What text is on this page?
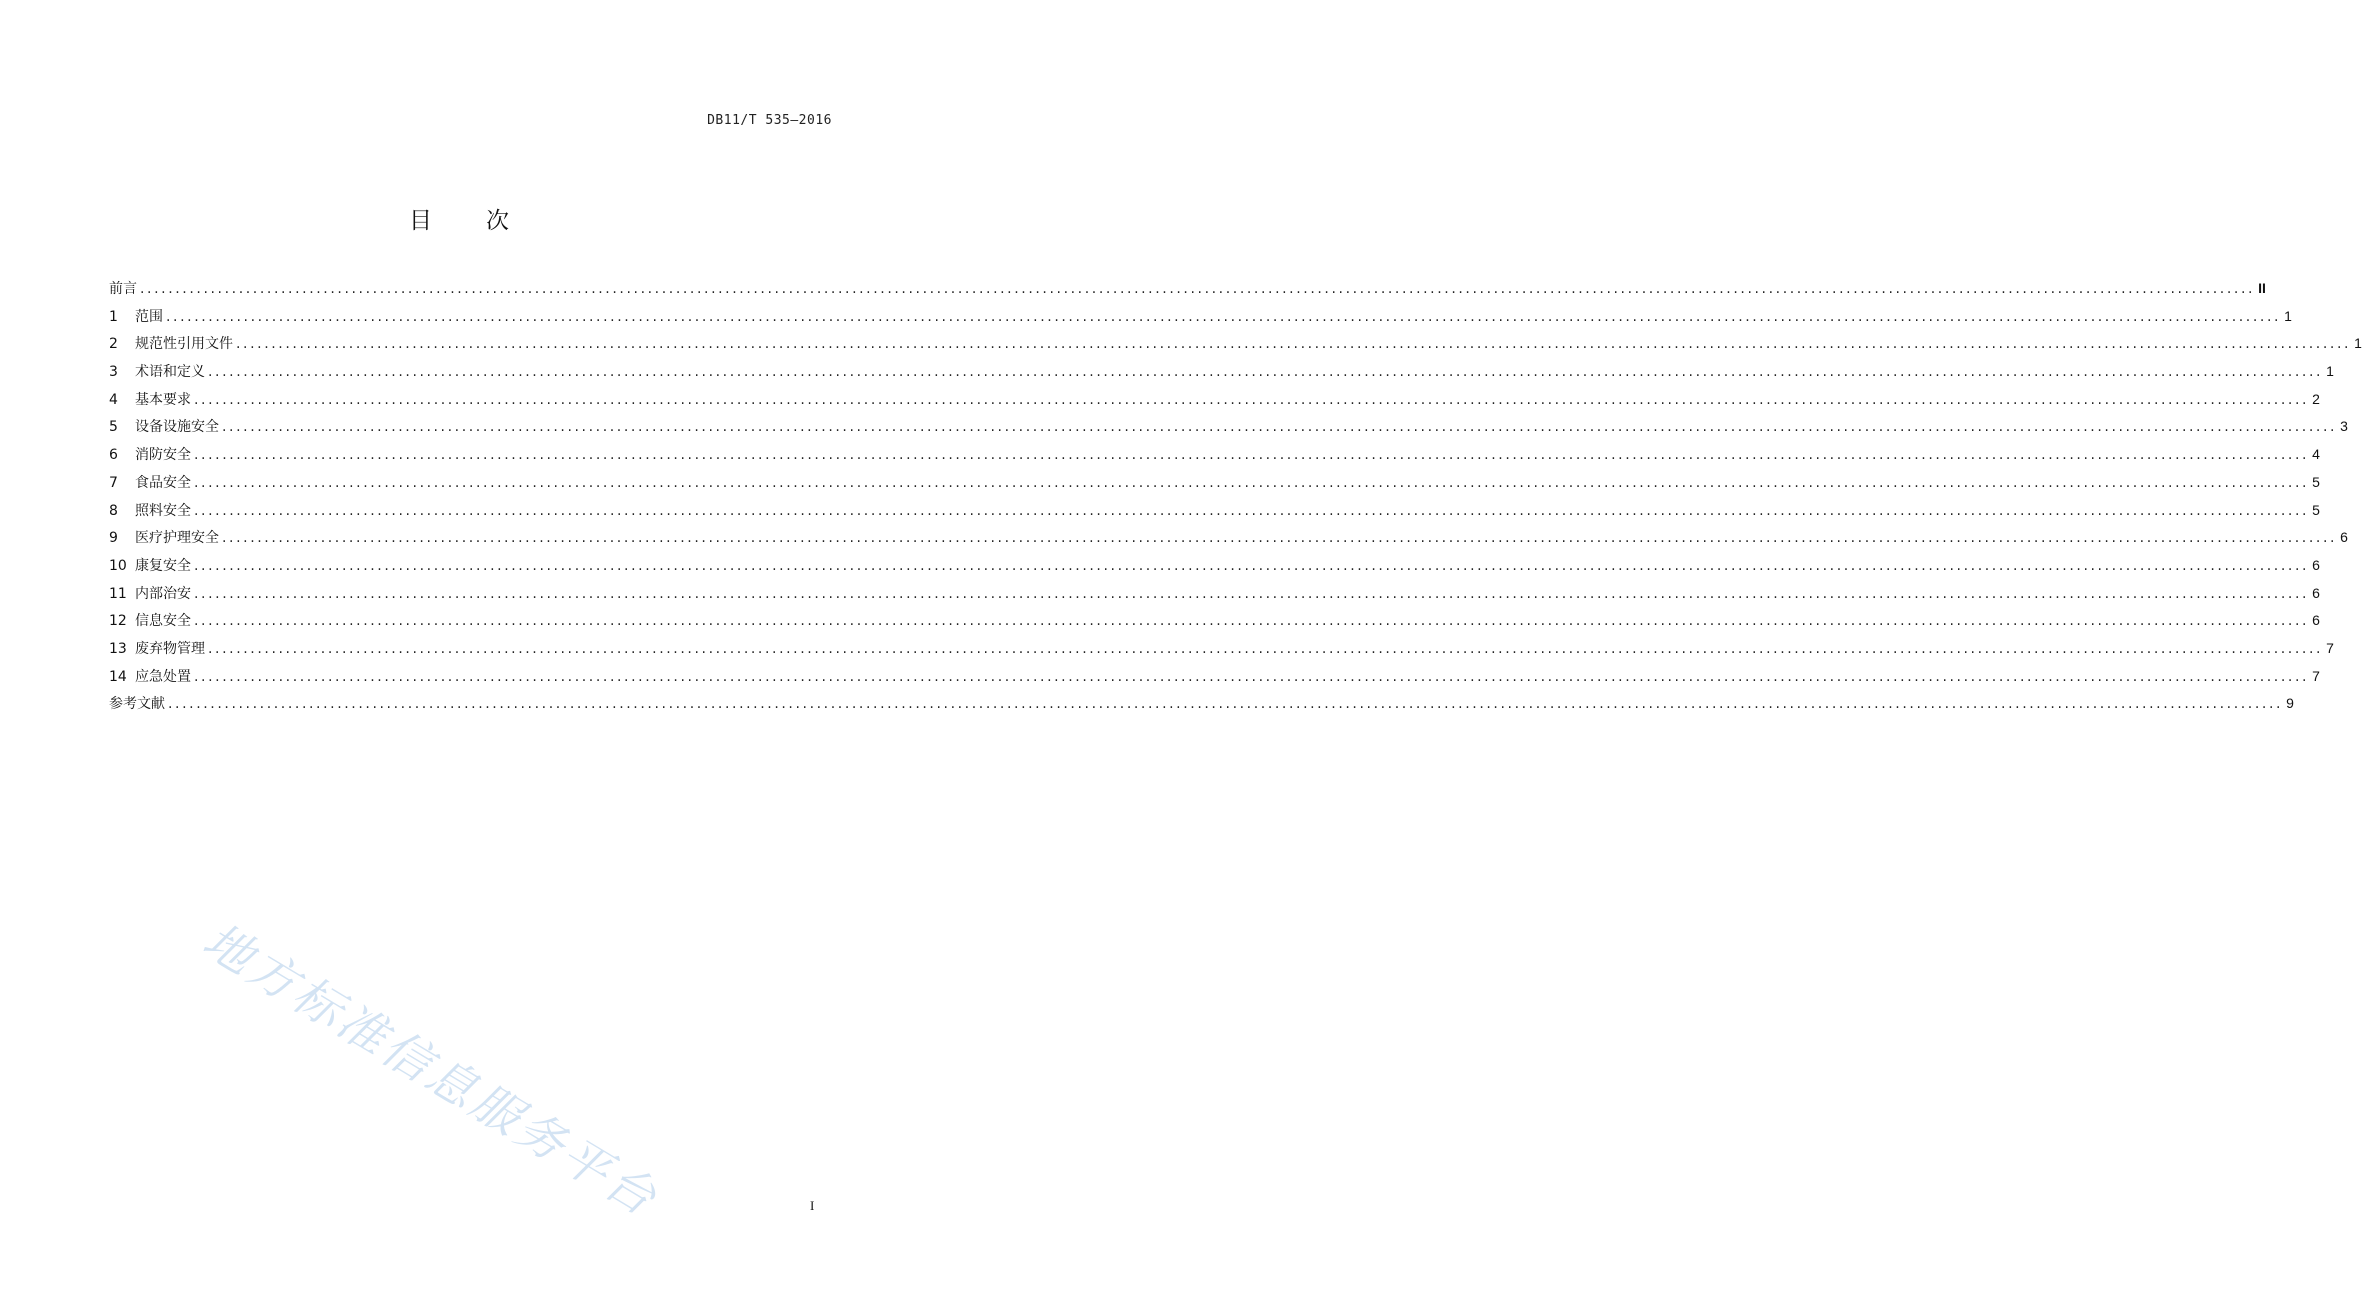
DB11/T 535—2016
目 次
前言 ............................................................................................................................................................................................................................................................................................................ II
1	范围 ............................................................................................................................................................................................................................................................................................................ 1
2	规范性引用文件 ............................................................................................................................................................................................................................................................................................................ 1
3	术语和定义 ............................................................................................................................................................................................................................................................................................................ 1
4	基本要求 ............................................................................................................................................................................................................................................................................................................ 2
5	设备设施安全 ............................................................................................................................................................................................................................................................................................................ 3
6	消防安全 ............................................................................................................................................................................................................................................................................................................ 4
7	食品安全 ............................................................................................................................................................................................................................................................................................................ 5
8	照料安全 ............................................................................................................................................................................................................................................................................................................ 5
9	医疗护理安全 ............................................................................................................................................................................................................................................................................................................ 6
10 康复安全 ............................................................................................................................................................................................................................................................................................................ 6
11 内部治安 ............................................................................................................................................................................................................................................................................................................ 6
12 信息安全 ............................................................................................................................................................................................................................................................................................................ 6
13 废弃物管理 ............................................................................................................................................................................................................................................................................................................ 7
14 应急处置 ............................................................................................................................................................................................................................................................................................................ 7
参考文献 ............................................................................................................................................................................................................................................................................................................ 9
地方标准信息服务平台	I
